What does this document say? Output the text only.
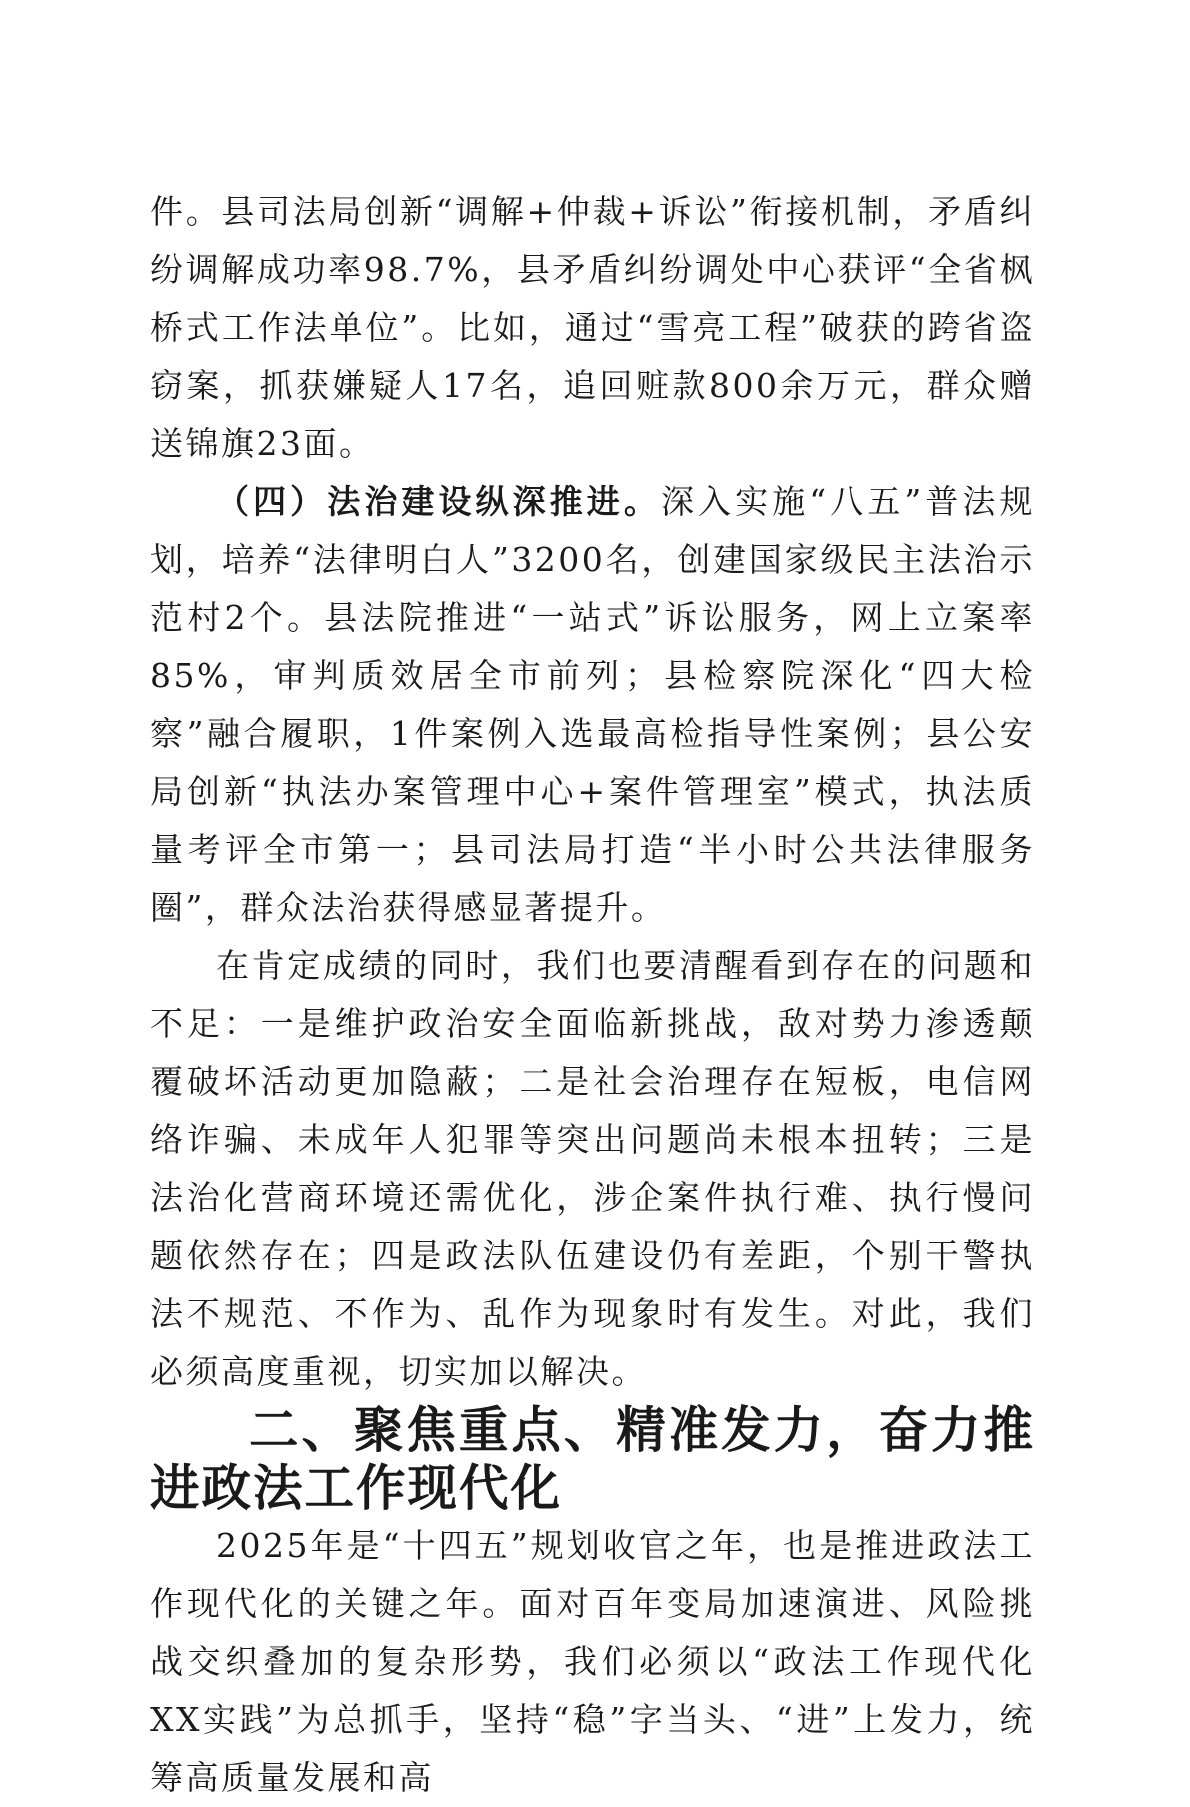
件。县司法局创新“调解+仲裁+诉讼”衔接机制，矛盾纠纷调解成功率98.7%，县矛盾纠纷调处中心获评“全省枫桥式工作法单位”。比如，通过“雪亮工程”破获的跨省盗窃案，抓获嫌疑人17名，追回赃款800余万元，群众赠送锦旗23面。

（四）法治建设纵深推进。深入实施“八五”普法规划，培养“法律明白人”3200名，创建国家级民主法治示范村2个。县法院推进“一站式”诉讼服务，网上立案率85%，审判质效居全市前列；县检察院深化“四大检察”融合履职，1件案例入选最高检指导性案例；县公安局创新“执法办案管理中心+案件管理室”模式，执法质量考评全市第一；县司法局打造“半小时公共法律服务圈”，群众法治获得感显著提升。

在肯定成绩的同时，我们也要清醒看到存在的问题和不足：一是维护政治安全面临新挑战，敌对势力渗透颠覆破坏活动更加隐蔽；二是社会治理存在短板，电信网络诈骗、未成年人犯罪等突出问题尚未根本扭转；三是法治化营商环境还需优化，涉企案件执行难、执行慢问题依然存在；四是政法队伍建设仍有差距，个别干警执法不规范、不作为、乱作为现象时有发生。对此，我们必须高度重视，切实加以解决。

二、聚焦重点、精准发力，奋力推进政法工作现代化

2025年是“十四五”规划收官之年，也是推进政法工作现代化的关键之年。面对百年变局加速演进、风险挑战交织叠加的复杂形势，我们必须以“政法工作现代化XX实践”为总抓手，坚持“稳”字当头、“进”上发力，统筹高质量发展和高
